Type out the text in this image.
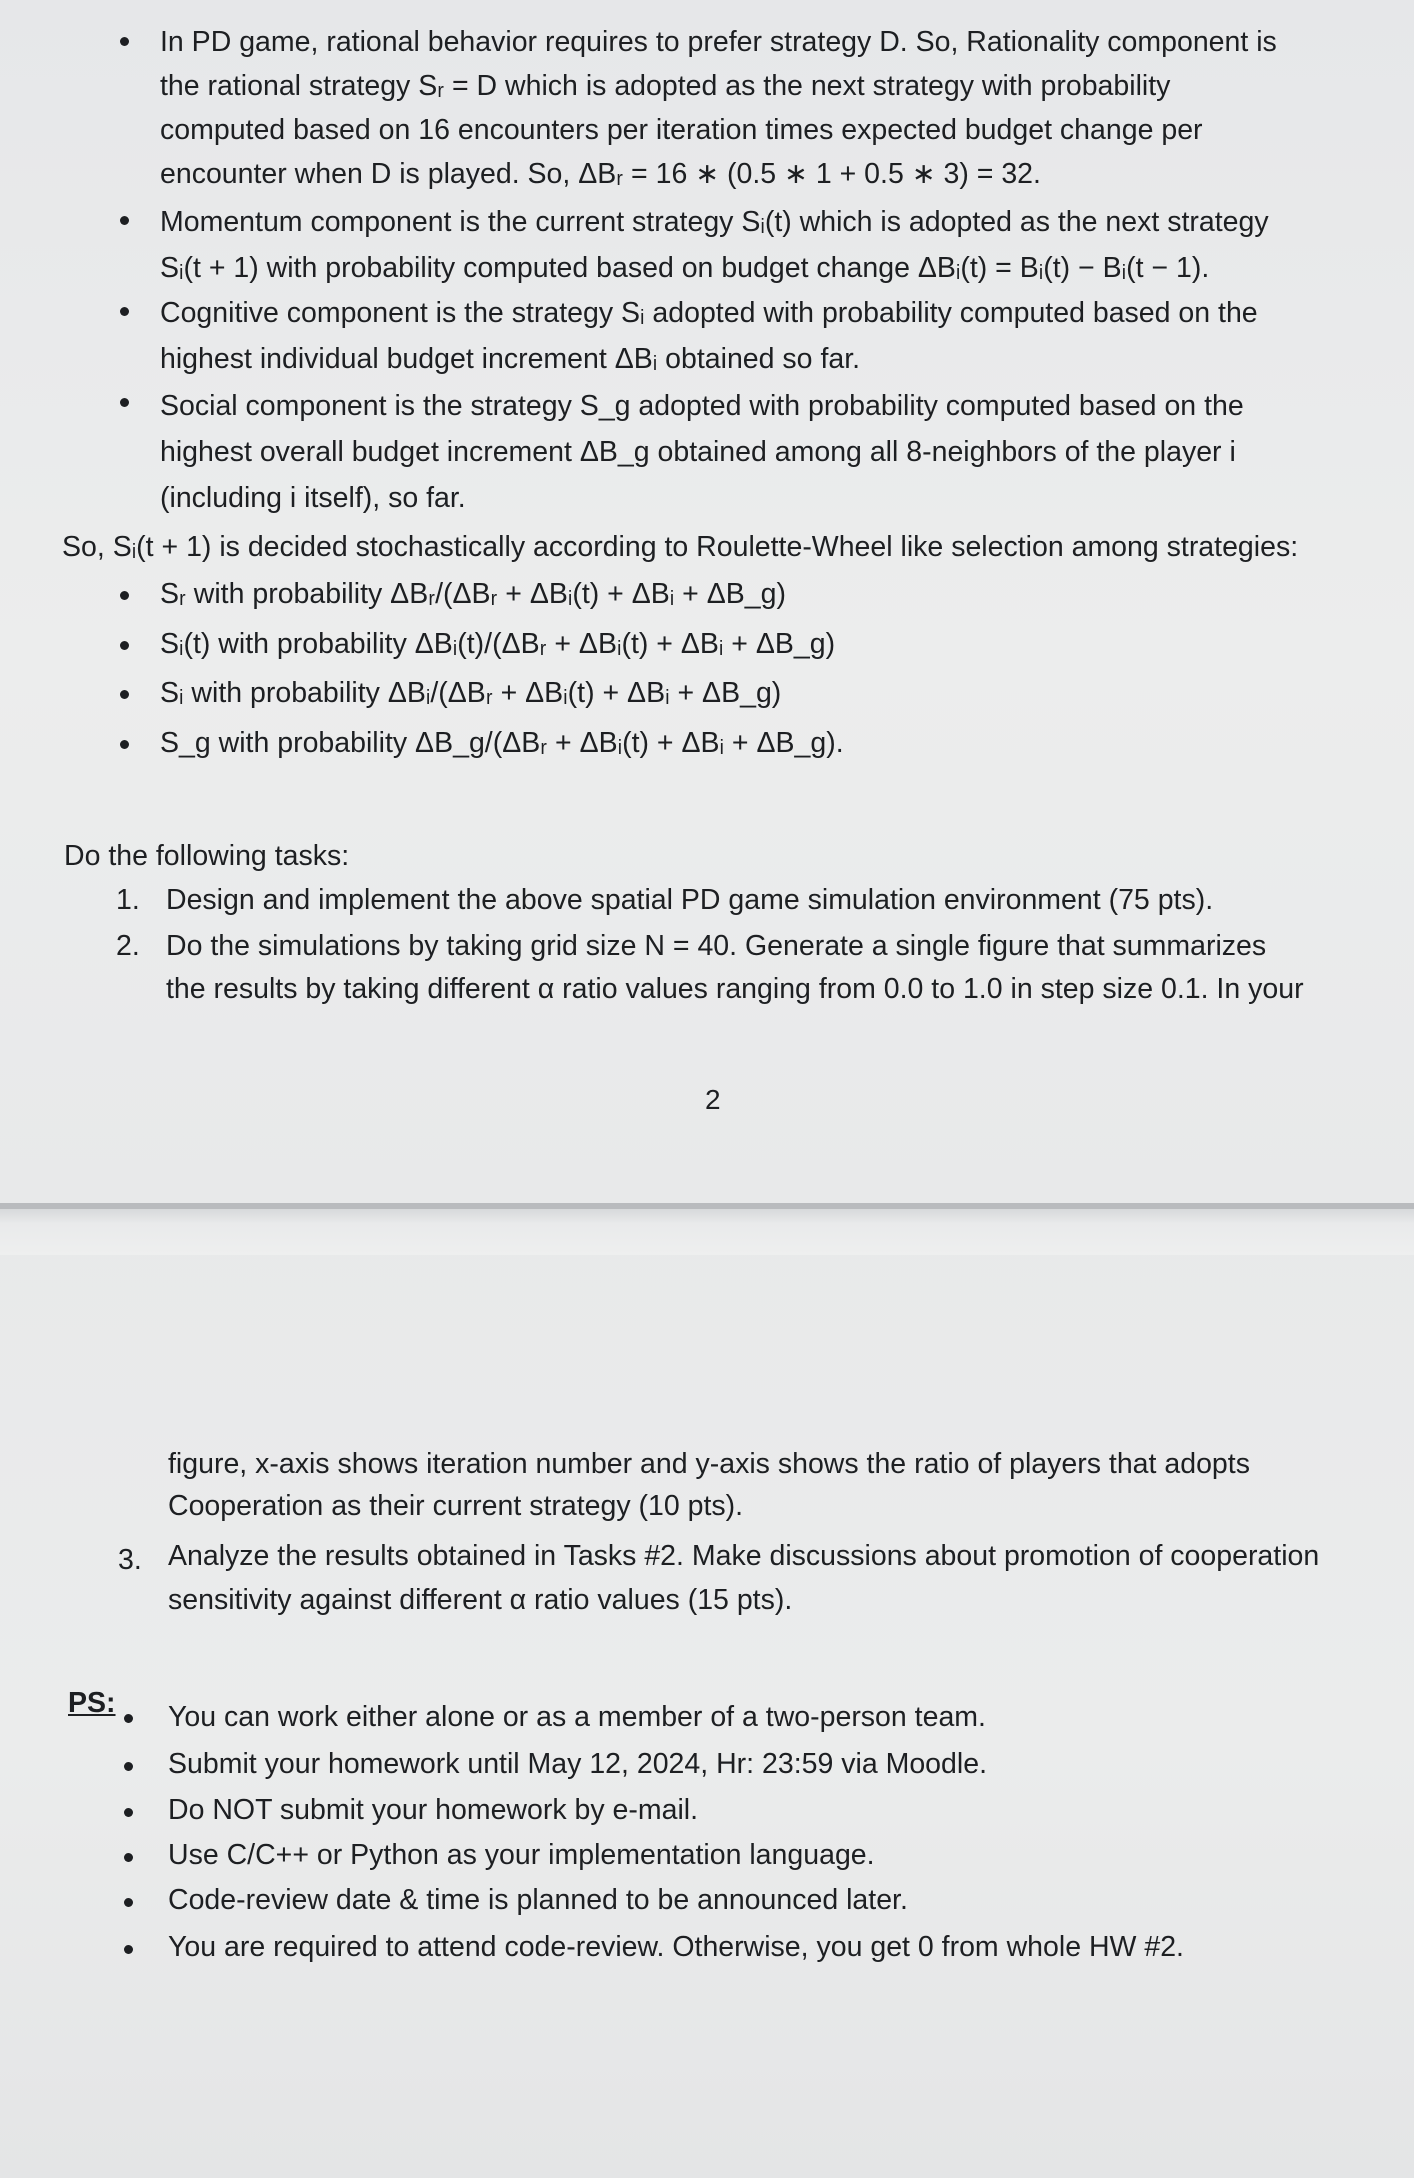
In PD game, rational behavior requires to prefer strategy D. So, Rationality component is

the rational strategy Sᵣ = D which is adopted as the next strategy with probability

computed based on 16 encounters per iteration times expected budget change per

encounter when D is played. So, ΔBᵣ = 16 ∗ (0.5 ∗ 1 + 0.5 ∗ 3) = 32.

Momentum component is the current strategy Sᵢ(t) which is adopted as the next strategy

Sᵢ(t + 1) with probability computed based on budget change ΔBᵢ(t) = Bᵢ(t) − Bᵢ(t − 1).

Cognitive component is the strategy Sᵢ adopted with probability computed based on the

highest individual budget increment ΔBᵢ obtained so far.

Social component is the strategy S_g adopted with probability computed based on the

highest overall budget increment ΔB_g obtained among all 8-neighbors of the player i

(including i itself), so far.

So, Sᵢ(t + 1) is decided stochastically according to Roulette-Wheel like selection among strategies:

Sᵣ with probability ΔBᵣ/(ΔBᵣ + ΔBᵢ(t) + ΔBᵢ + ΔB_g)

Sᵢ(t) with probability ΔBᵢ(t)/(ΔBᵣ + ΔBᵢ(t) + ΔBᵢ + ΔB_g)

Sᵢ with probability ΔBᵢ/(ΔBᵣ + ΔBᵢ(t) + ΔBᵢ + ΔB_g)

S_g with probability ΔB_g/(ΔBᵣ + ΔBᵢ(t) + ΔBᵢ + ΔB_g).

Do the following tasks:

1. Design and implement the above spatial PD game simulation environment (75 pts).

2. Do the simulations by taking grid size N = 40. Generate a single figure that summarizes

the results by taking different α ratio values ranging from 0.0 to 1.0 in step size 0.1. In your

2

figure, x-axis shows iteration number and y-axis shows the ratio of players that adopts

Cooperation as their current strategy (10 pts).

3. Analyze the results obtained in Tasks #2. Make discussions about promotion of cooperation

sensitivity against different α ratio values (15 pts).

PS: You can work either alone or as a member of a two-person team.

Submit your homework until May 12, 2024, Hr: 23:59 via Moodle.

Do NOT submit your homework by e-mail.

Use C/C++ or Python as your implementation language.

Code-review date & time is planned to be announced later.

You are required to attend code-review. Otherwise, you get 0 from whole HW #2.
